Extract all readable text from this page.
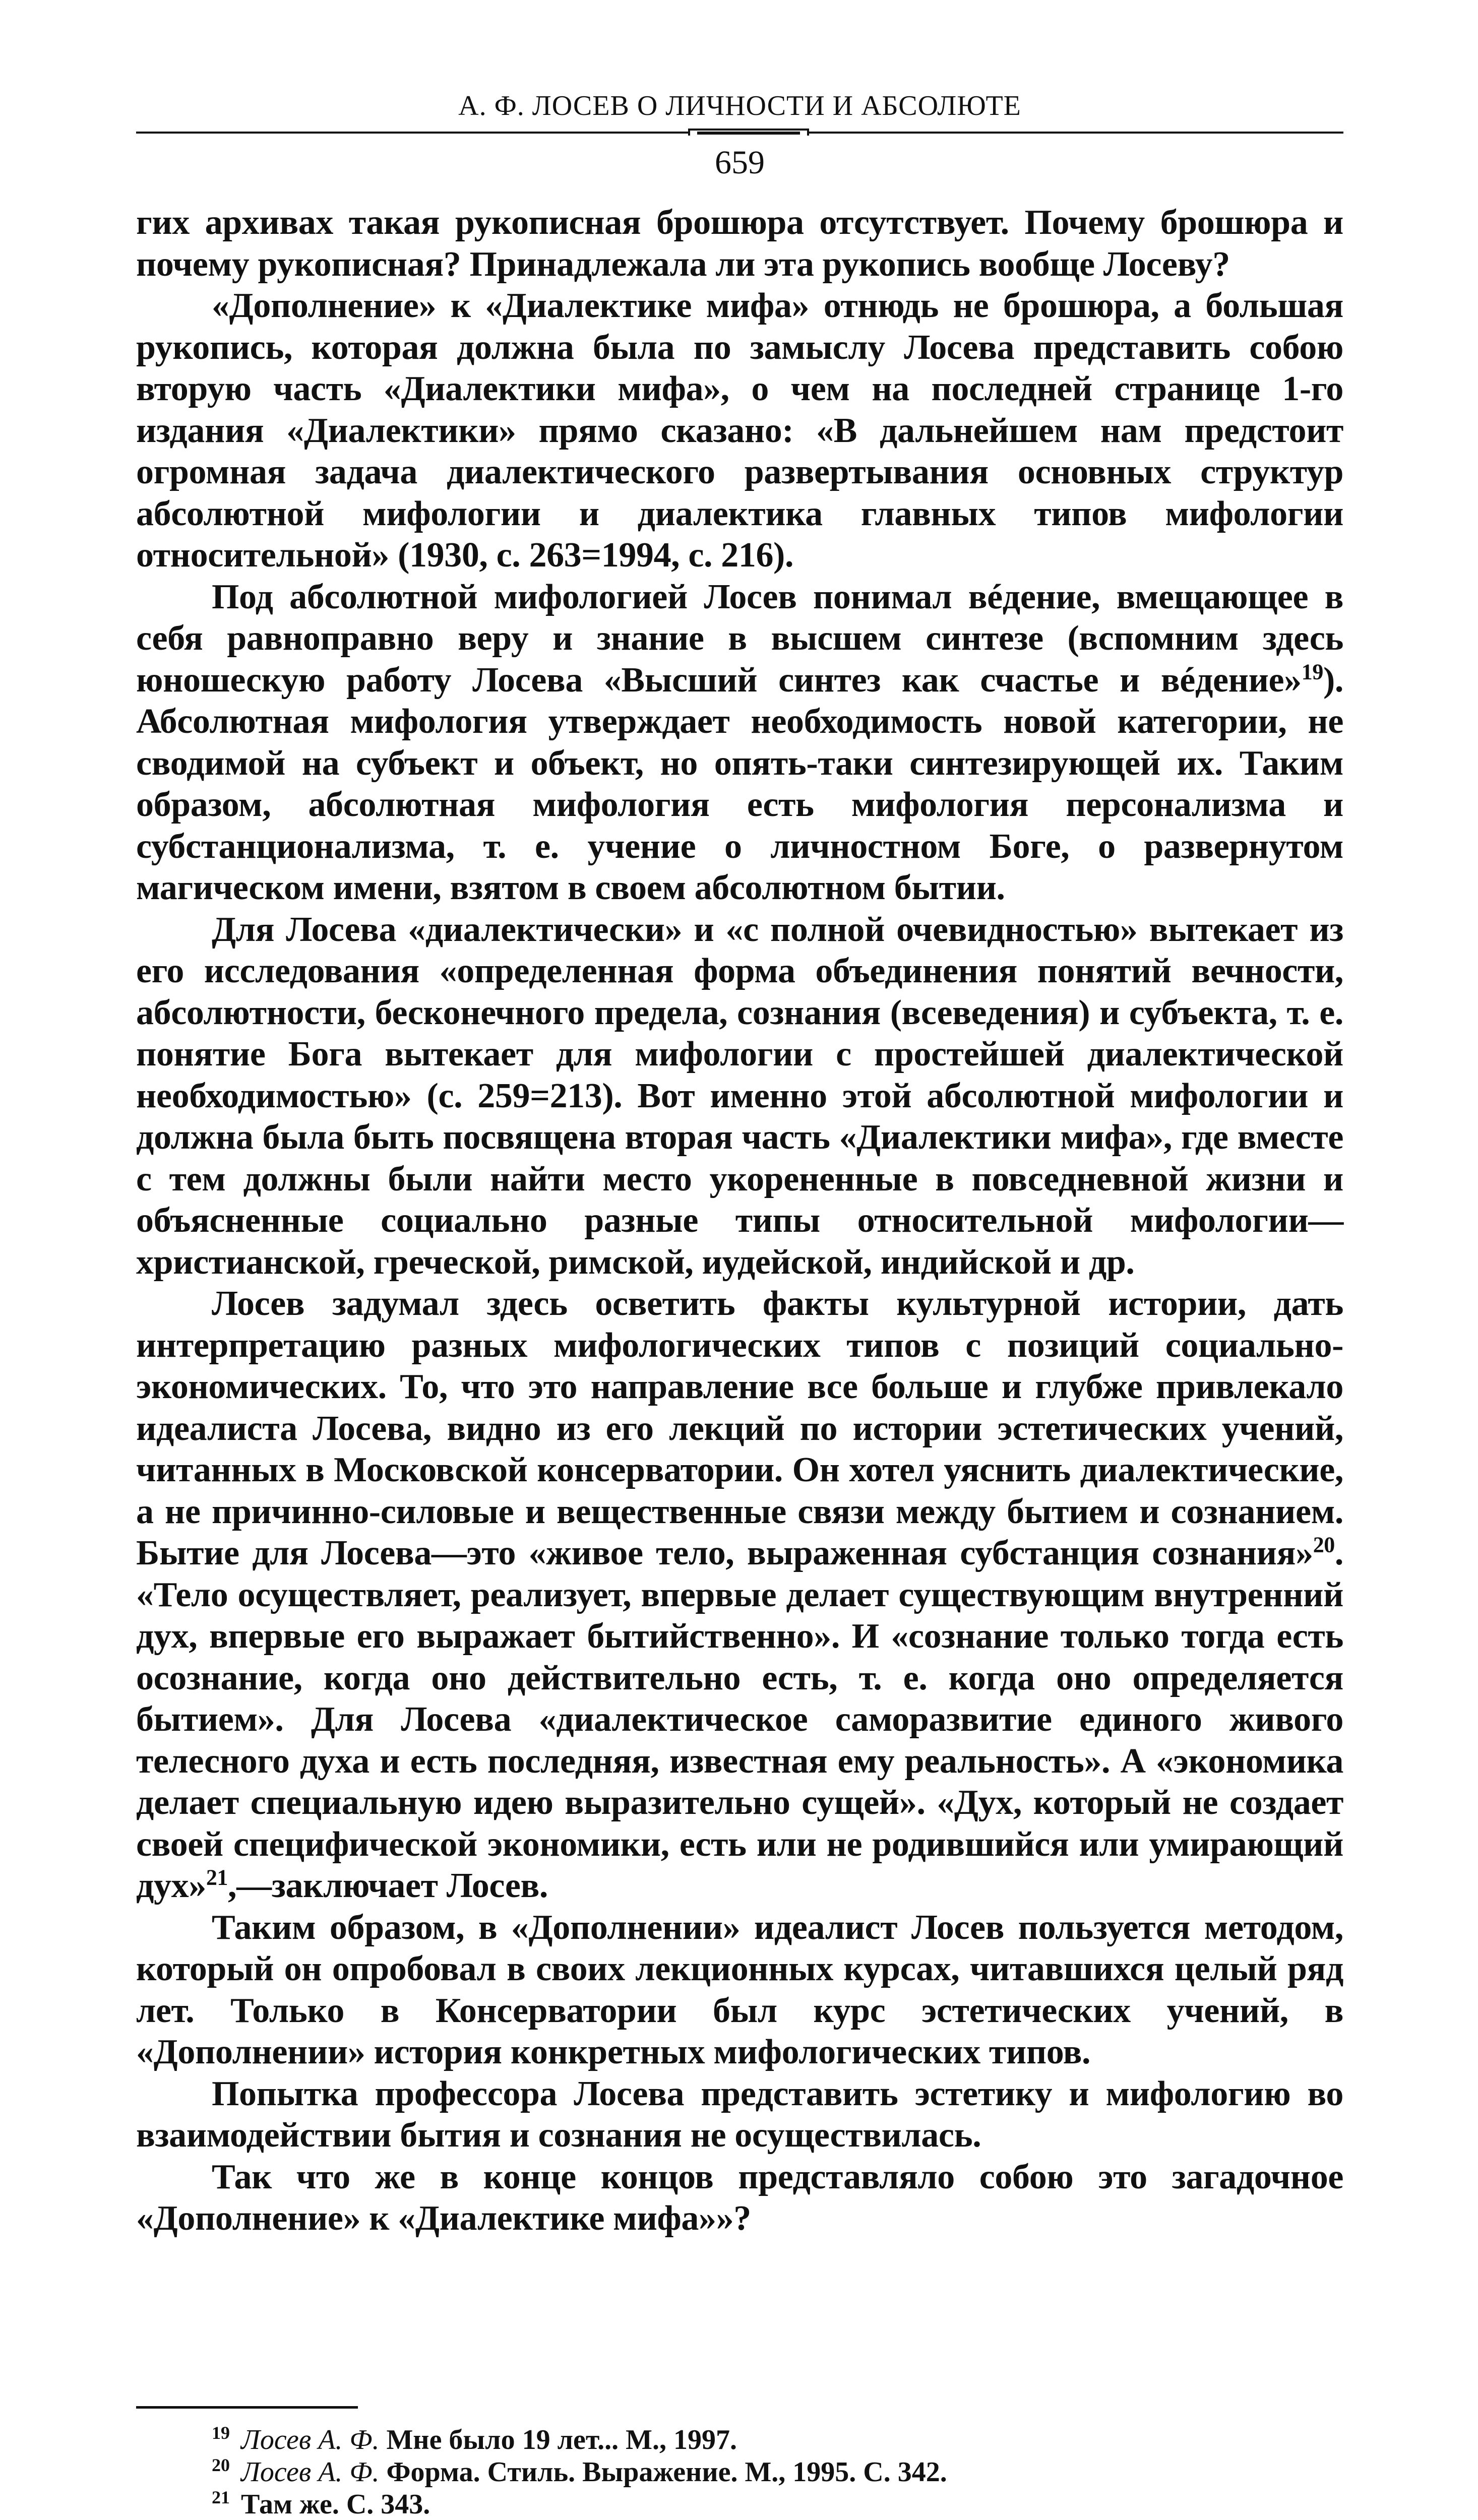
А. Ф. ЛОСЕВ О ЛИЧНОСТИ И АБСОЛЮТЕ
659

гих архивах такая рукописная брошюра отсутствует. Почему брошюра и почему рукописная? Принадлежала ли эта рукопись вообще Лосеву?

«Дополнение» к «Диалектике мифа» отнюдь не брошюра, а большая рукопись, которая должна была по замыслу Лосева представить собою вторую часть «Диалектики мифа», о чем на последней странице 1-го издания «Диалектики» прямо сказано: «В дальнейшем нам предстоит огромная задача диалектического развертывания основных структур абсолютной мифологии и диалектика главных типов мифологии относительной» (1930, с. 263=1994, с. 216).

Под абсолютной мифологией Лосев понимал вéдение, вмещающее в себя равноправно веру и знание в высшем синтезе (вспомним здесь юношескую работу Лосева «Высший синтез как счастье и вéдение»$^{19}$). Абсолютная мифология утверждает необходимость новой категории, не сводимой на субъект и объект, но опять-таки синтезирующей их. Таким образом, абсолютная мифология есть мифология персонализма и субстанционализма, т. е. учение о личностном Боге, о развернутом магическом имени, взятом в своем абсолютном бытии.

Для Лосева «диалектически» и «с полной очевидностью» вытекает из его исследования «определенная форма объединения понятий вечности, абсолютности, бесконечного предела, сознания (всеведения) и субъекта, т. е. понятие Бога вытекает для мифологии с простейшей диалектической необходимостью» (с. 259=213). Вот именно этой абсолютной мифологии и должна была быть посвящена вторая часть «Диалектики мифа», где вместе с тем должны были найти место укорененные в повседневной жизни и объясненные социально разные типы относительной мифологии—христианской, греческой, римской, иудейской, индийской и др.

Лосев задумал здесь осветить факты культурной истории, дать интерпретацию разных мифологических типов с позиций социально-экономических. То, что это направление все больше и глубже привлекало идеалиста Лосева, видно из его лекций по истории эстетических учений, читанных в Московской консерватории. Он хотел уяснить диалектические, а не причинно-силовые и вещественные связи между бытием и сознанием. Бытие для Лосева—это «живое тело, выраженная субстанция сознания»$^{20}$. «Тело осуществляет, реализует, впервые делает существующим внутренний дух, впервые его выражает бытийственно». И «сознание только тогда есть осознание, когда оно действительно есть, т. е. когда оно определяется бытием». Для Лосева «диалектическое саморазвитие единого живого телесного духа и есть последняя, известная ему реальность». А «экономика делает специальную идею выразительно сущей». «Дух, который не создает своей специфической экономики, есть или не родившийся или умирающий дух»$^{21}$,—заключает Лосев.

Таким образом, в «Дополнении» идеалист Лосев пользуется методом, который он опробовал в своих лекционных курсах, читавшихся целый ряд лет. Только в Консерватории был курс эстетических учений, в «Дополнении» история конкретных мифологических типов.

Попытка профессора Лосева представить эстетику и мифологию во взаимодействии бытия и сознания не осуществилась.

Так что же в конце концов представляло собою это загадочное «Дополнение» к «Диалектике мифа»»?

$^{19}$ Лосев А. Ф. Мне было 19 лет... М., 1997.

$^{20}$ Лосев А. Ф. Форма. Стиль. Выражение. М., 1995. С. 342.

$^{21}$ Там же. С. 343.
